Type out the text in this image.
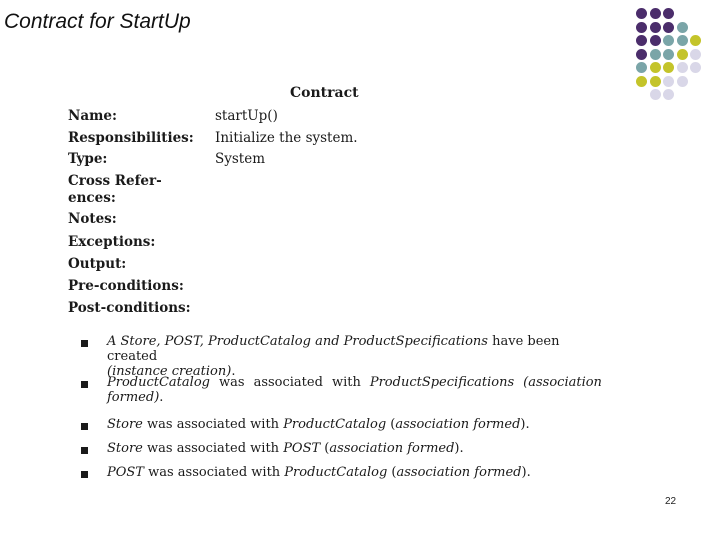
Contract for StartUp
Contract
Name:	startUp()
Responsibilities: Initialize the system.
Type:	System
Cross Refer-
ences:
Notes:
Exceptions:
Output:
Pre-conditions:
Post-conditions:
A Store, POST, ProductCatalog and ProductSpecifications have been created
(instance creation).
ProductCatalog was associated with ProductSpecifications (association
formed).
Store was associated with ProductCatalog (association formed).
Store was associated with POST (association formed).
POST was associated with ProductCatalog (association formed).
22
